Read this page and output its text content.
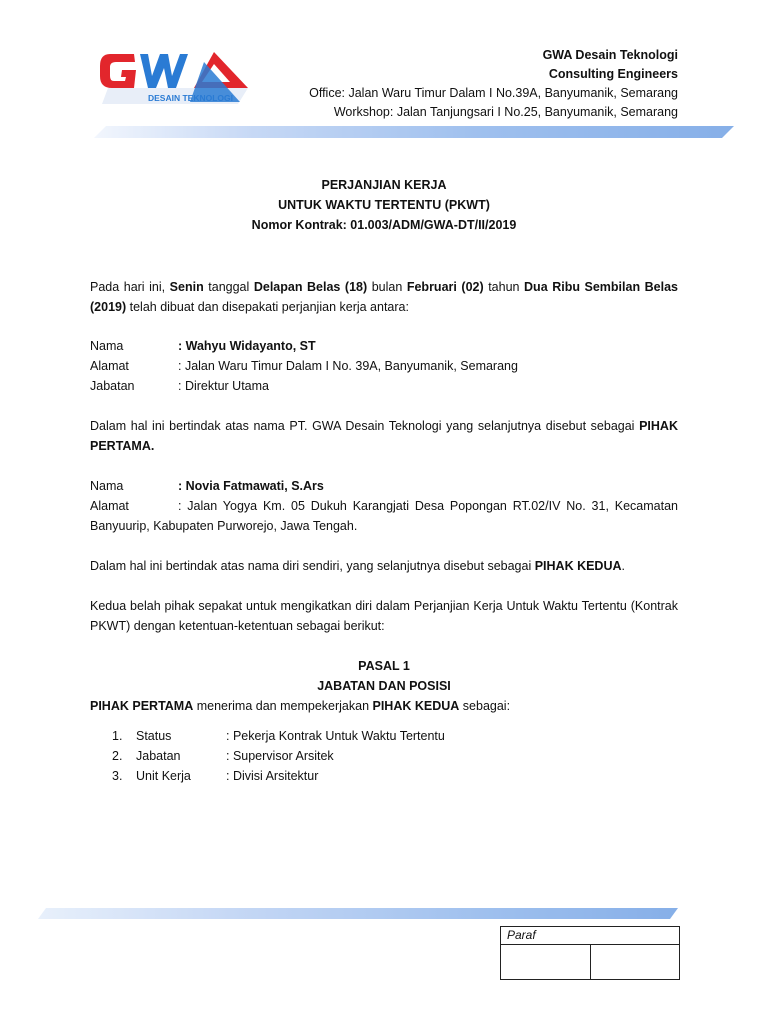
DESAIN TEKNOLOGI
GWA
GWA Desain Teknologi
Consulting Engineers
Office: Jalan Waru Timur Dalam I No.39A, Banyumanik, Semarang
Workshop: Jalan Tanjungsari I No.25, Banyumanik, Semarang
PERJANJIAN KERJA
UNTUK WAKTU TERTENTU (PKWT)
Nomor Kontrak: 01.003/ADM/GWA-DT/II/2019
Pada hari ini, Senin tanggal Delapan Belas (18) bulan Februari (02) tahun Dua Ribu Sembilan Belas (2019) telah dibuat dan disepakati perjanjian kerja antara:
Nama	: Wahyu Widayanto, ST
Alamat	: Jalan Waru Timur Dalam I No. 39A, Banyumanik, Semarang
Jabatan	: Direktur Utama
Dalam hal ini bertindak atas nama PT. GWA Desain Teknologi yang selanjutnya disebut sebagai PIHAK PERTAMA.
Nama	: Novia Fatmawati, S.Ars
Alamat	: Jalan Yogya Km. 05 Dukuh Karangjati Desa Popongan RT.02/IV No. 31, Kecamatan Banyuurip, Kabupaten Purworejo, Jawa Tengah.
Dalam hal ini bertindak atas nama diri sendiri, yang selanjutnya disebut sebagai PIHAK KEDUA.
Kedua belah pihak sepakat untuk mengikatkan diri dalam Perjanjian Kerja Untuk Waktu Tertentu (Kontrak PKWT) dengan ketentuan-ketentuan sebagai berikut:
PASAL 1
JABATAN DAN POSISI
PIHAK PERTAMA menerima dan mempekerjakan PIHAK KEDUA sebagai:
1. Status	: Pekerja Kontrak Untuk Waktu Tertentu
2. Jabatan	: Supervisor Arsitek
3. Unit Kerja	: Divisi Arsitektur
Paraf
